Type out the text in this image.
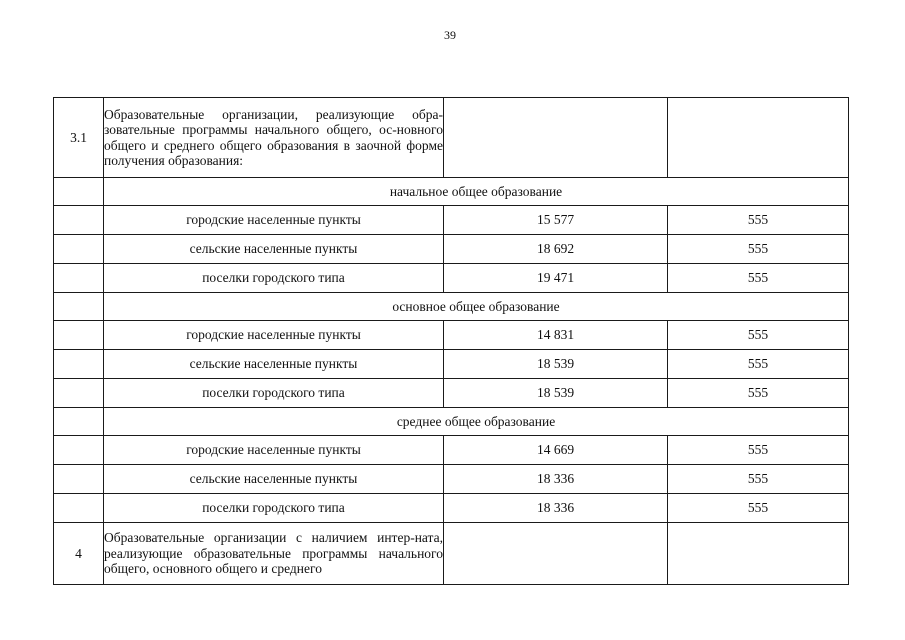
39
3.1	Образовательные организации, реализующие обра-зовательные программы начального общего, ос-новного общего и среднего общего образования в заочной форме получения образования:		
	начальное общее образование		
	городские населенные пункты	15 577	555
	сельские населенные пункты	18 692	555
	поселки городского типа	19 471	555
	основное общее образование		
	городские населенные пункты	14 831	555
	сельские населенные пункты	18 539	555
	поселки городского типа	18 539	555
	среднее общее образование		
	городские населенные пункты	14 669	555
	сельские населенные пункты	18 336	555
	поселки городского типа	18 336	555
4	Образовательные организации с наличием интер-ната, реализующие образовательные программы начального общего, основного общего и среднего		
